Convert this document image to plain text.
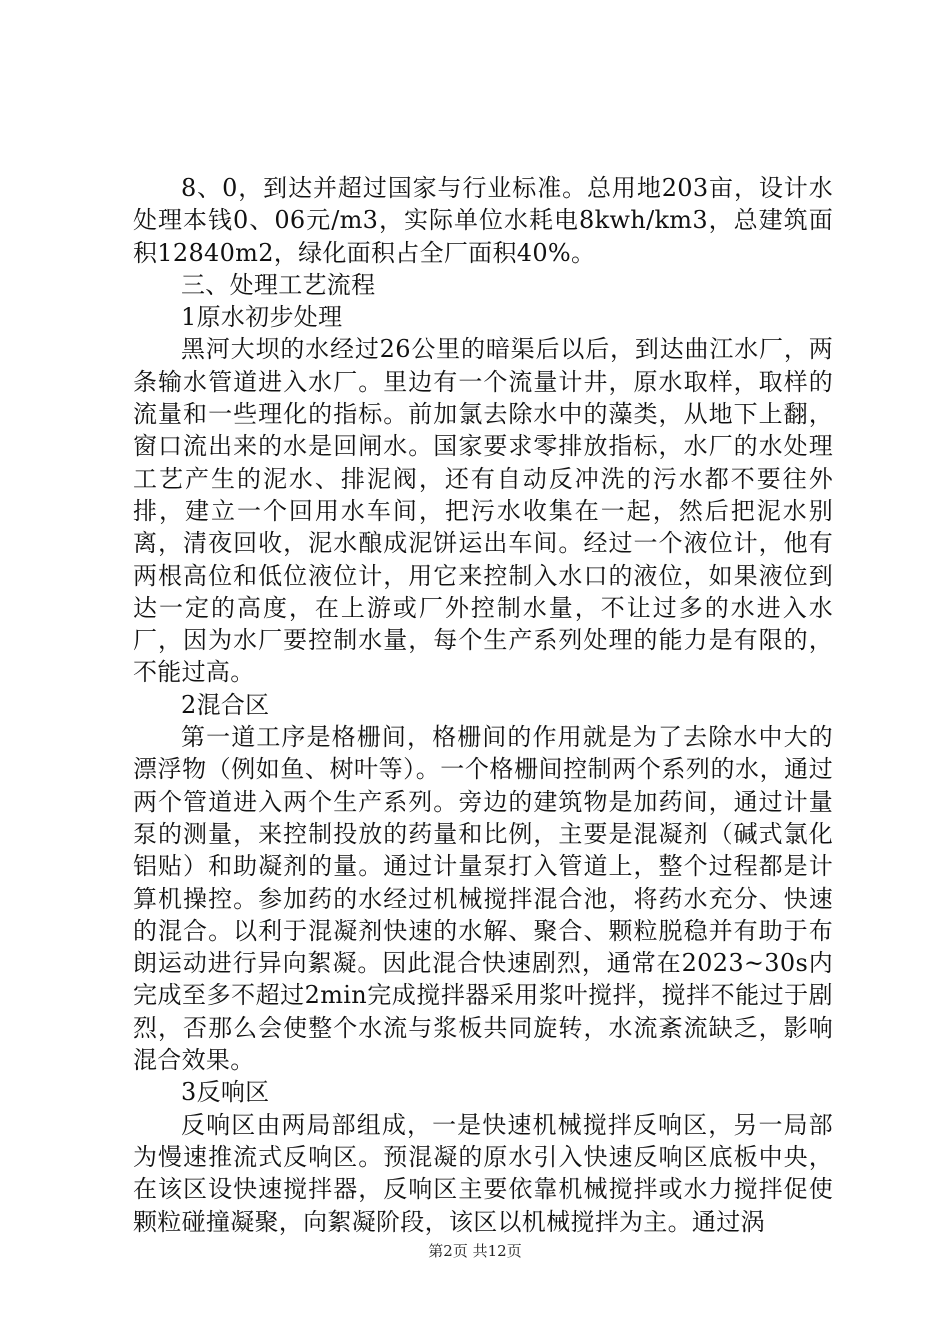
8、0，到达并超过国家与行业标准。总用地203亩，设计水处理本钱0、06元/m3，实际单位水耗电8kwh/km3，总建筑面积12840m2，绿化面积占全厂面积40%。

三、处理工艺流程

1原水初步处理

黑河大坝的水经过26公里的暗渠后以后，到达曲江水厂，两条输水管道进入水厂。里边有一个流量计井，原水取样，取样的流量和一些理化的指标。前加氯去除水中的藻类，从地下上翻，窗口流出来的水是回闸水。国家要求零排放指标，水厂的水处理工艺产生的泥水、排泥阀，还有自动反冲洗的污水都不要往外排，建立一个回用水车间，把污水收集在一起，然后把泥水别离，清夜回收，泥水酿成泥饼运出车间。经过一个液位计，他有两根高位和低位液位计，用它来控制入水口的液位，如果液位到达一定的高度，在上游或厂外控制水量，不让过多的水进入水厂，因为水厂要控制水量，每个生产系列处理的能力是有限的，不能过高。

2混合区

第一道工序是格栅间，格栅间的作用就是为了去除水中大的漂浮物（例如鱼、树叶等）。一个格栅间控制两个系列的水，通过两个管道进入两个生产系列。旁边的建筑物是加药间，通过计量泵的测量，来控制投放的药量和比例，主要是混凝剂（碱式氯化铝贴）和助凝剂的量。通过计量泵打入管道上，整个过程都是计算机操控。参加药的水经过机械搅拌混合池，将药水充分、快速的混合。以利于混凝剂快速的水解、聚合、颗粒脱稳并有助于布朗运动进行异向絮凝。因此混合快速剧烈，通常在2023~30s内完成至多不超过2min完成搅拌器采用浆叶搅拌，搅拌不能过于剧烈，否那么会使整个水流与浆板共同旋转，水流紊流缺乏，影响混合效果。

3反响区

反响区由两局部组成，一是快速机械搅拌反响区，另一局部为慢速推流式反响区。预混凝的原水引入快速反响区底板中央，在该区设快速搅拌器，反响区主要依靠机械搅拌或水力搅拌促使颗粒碰撞凝聚，向絮凝阶段，该区以机械搅拌为主。通过涡

第2页 共12页
